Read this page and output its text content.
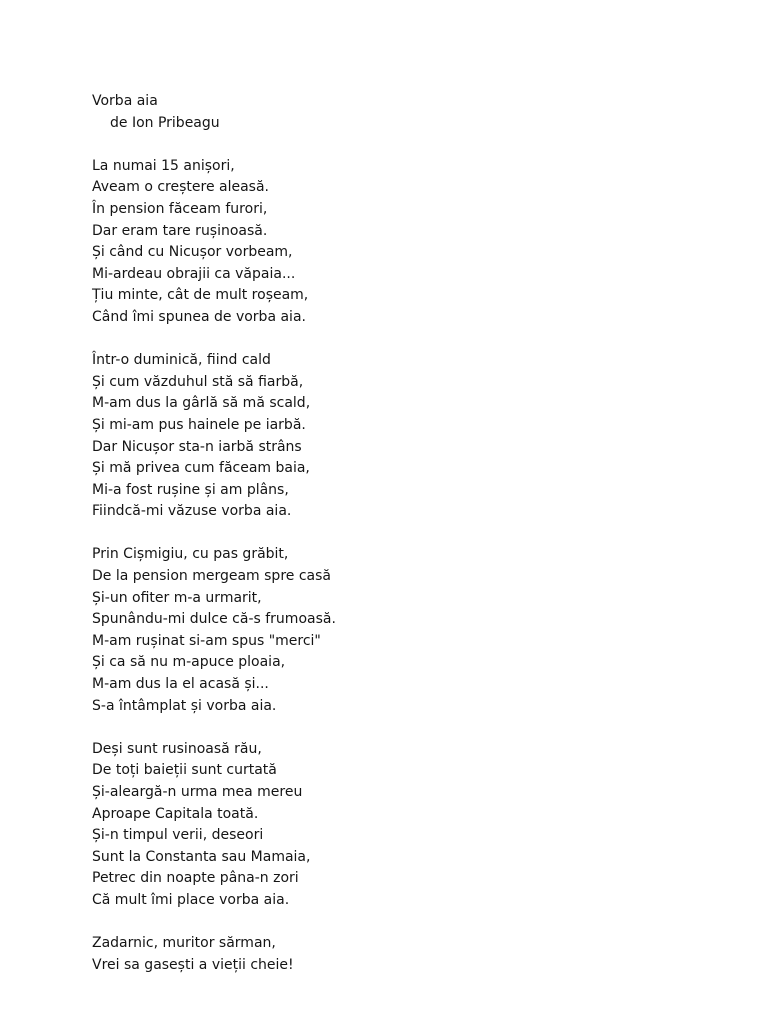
Vorba aia
de Ion Pribeagu
La numai 15 anișori,
Aveam o creștere aleasă.
În pension făceam furori,
Dar eram tare rușinoasă.
Și când cu Nicușor vorbeam,
Mi-ardeau obrajii ca văpaia...
Țiu minte, cât de mult roșeam,
Când îmi spunea de vorba aia.
Într-o duminică, fiind cald
Și cum văzduhul stă să fiarbă,
M-am dus la gârlă să mă scald,
Și mi-am pus hainele pe iarbă.
Dar Nicușor sta-n iarbă strâns
Și mă privea cum făceam baia,
Mi-a fost rușine și am plâns,
Fiindcă-mi văzuse vorba aia.
Prin Cișmigiu, cu pas grăbit,
De la pension mergeam spre casă
Și-un ofiter m-a urmarit,
Spunându-mi dulce că-s frumoasă.
M-am rușinat si-am spus "merci"
Și ca să nu m-apuce ploaia,
M-am dus la el acasă și...
S-a întâmplat și vorba aia.
Deși sunt rusinoasă rău,
De toți baieții sunt curtată
Și-aleargă-n urma mea mereu
Aproape Capitala toată.
Și-n timpul verii, deseori
Sunt la Constanta sau Mamaia,
Petrec din noapte pâna-n zori
Că mult îmi place vorba aia.
Zadarnic, muritor sărman,
Vrei sa gasești a vieții cheie!
